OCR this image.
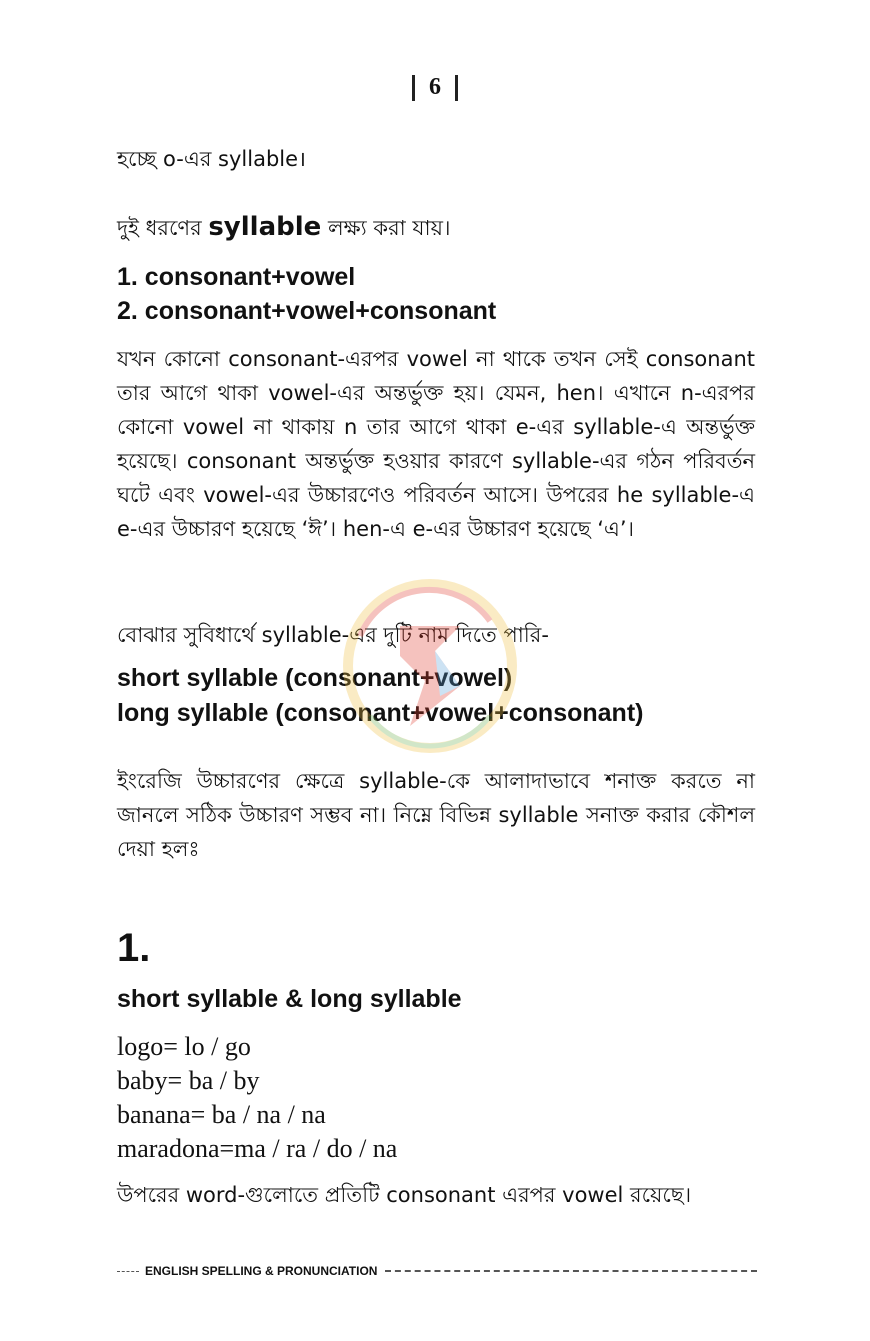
6
হচ্ছে o-এর syllable।
দুই ধরণের syllable লক্ষ্য করা যায়।
1. consonant+vowel
2. consonant+vowel+consonant
যখন কোনো consonant-এরপর vowel না থাকে তখন সেই consonant তার আগে থাকা vowel-এর অন্তর্ভুক্ত হয়। যেমন, hen। এখানে n-এরপর কোনো vowel না থাকায় n তার আগে থাকা e-এর syllable-এ অন্তর্ভুক্ত হয়েছে। consonant অন্তর্ভুক্ত হওয়ার কারণে syllable-এর গঠন পরিবর্তন ঘটে এবং vowel-এর উচ্চারণেও পরিবর্তন আসে। উপরের he syllable-এ e-এর উচ্চারণ হয়েছে ‘ঈ’। hen-এ e-এর উচ্চারণ হয়েছে ‘এ’।
বোঝার সুবিধার্থে syllable-এর দুটি নাম দিতে পারি-
short syllable (consonant+vowel)
long syllable (consonant+vowel+consonant)
ইংরেজি উচ্চারণের ক্ষেত্রে syllable-কে আলাদাভাবে শনাক্ত করতে না জানলে সঠিক উচ্চারণ সম্ভব না। নিম্নে বিভিন্ন syllable সনাক্ত করার কৌশল দেয়া হলঃ
1.
short syllable & long syllable
logo= lo / go
baby= ba / by
banana= ba / na / na
maradona=ma / ra / do / na
উপরের word-গুলোতে প্রতিটি consonant এরপর vowel রয়েছে।
ENGLISH SPELLING & PRONUNCIATION
